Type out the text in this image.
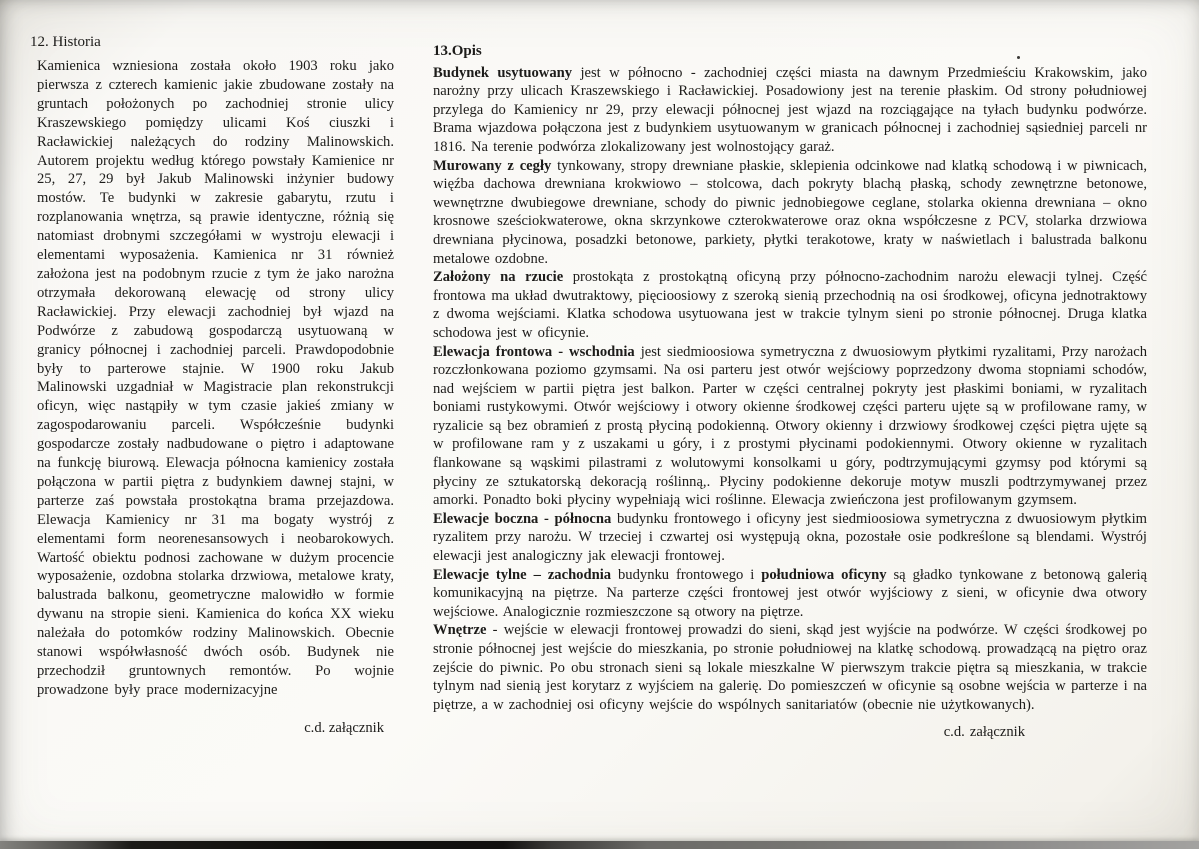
12. Historia

Kamienica wzniesiona została około 1903 roku jako pierwsza z czterech kamienic jakie zbudowane zostały na gruntach położonych po zachodniej stronie ulicy Kraszewskiego pomiędzy ulicami Koś ciuszki i Racławickiej należących do rodziny Malinowskich. Autorem projektu według którego powstały Kamienice nr 25, 27, 29 był Jakub Malinowski inżynier budowy mostów. Te budynki w zakresie gabarytu, rzutu i rozplanowania wnętrza, są prawie identyczne, różnią się natomiast drobnymi szczegółami w wystroju elewacji i elementami wyposażenia. Kamienica nr 31 również założona jest na podobnym rzucie z tym że jako narożna otrzymała dekorowaną elewację od strony ulicy Racławickiej. Przy elewacji zachodniej był wjazd na Podwórze z zabudową gospodarczą usytuowaną w granicy północnej i zachodniej parceli. Prawdopodobnie były to parterowe stajnie. W 1900 roku Jakub Malinowski uzgadniał w Magistracie plan rekonstrukcji oficyn, więc nastąpiły w tym czasie jakieś zmiany w zagospodarowaniu parceli. Współcześnie budynki gospodarcze zostały nadbudowane o piętro i adaptowane na funkcję biurową. Elewacja północna kamienicy została połączona w partii piętra z budynkiem dawnej stajni, w parterze zaś powstała prostokątna brama przejazdowa. Elewacja Kamienicy nr 31 ma bogaty wystrój z elementami form neorenesansowych i neobarokowych. Wartość obiektu podnosi zachowane w dużym procencie wyposażenie, ozdobna stolarka drzwiowa, metalowe kraty, balustrada balkonu, geometryczne malowidło w formie dywanu na stropie sieni. Kamienica do końca XX wieku należała do potomków rodziny Malinowskich. Obecnie stanowi współwłasność dwóch osób. Budynek nie przechodził gruntownych remontów. Po wojnie prowadzone były prace modernizacyjne

c.d. załącznik

13.Opis

Budynek usytuowany jest w północno - zachodniej części miasta na dawnym Przedmieściu Krakowskim, jako narożny przy ulicach Kraszewskiego i Racławickiej. Posadowiony jest na terenie płaskim. Od strony południowej przylega do Kamienicy nr 29, przy elewacji północnej jest wjazd na rozciągające na tyłach budynku podwórze. Brama wjazdowa połączona jest z budynkiem usytuowanym w granicach północnej i zachodniej sąsiedniej parceli nr 1816. Na terenie podwórza zlokalizowany jest wolnostojący garaż.

Murowany z cegły tynkowany, stropy drewniane płaskie, sklepienia odcinkowe nad klatką schodową i w piwnicach, więźba dachowa drewniana krokwiowo – stolcowa, dach pokryty blachą płaską, schody zewnętrzne betonowe, wewnętrzne dwubiegowe drewniane, schody do piwnic jednobiegowe ceglane, stolarka okienna drewniana – okno krosnowe sześciokwaterowe, okna skrzynkowe czterokwaterowe oraz okna współczesne z PCV, stolarka drzwiowa drewniana płycinowa, posadzki betonowe, parkiety, płytki terakotowe, kraty w naświetlach i balustrada balkonu metalowe ozdobne.

Założony na rzucie prostokąta z prostokątną oficyną przy północno-zachodnim narożu elewacji tylnej. Część frontowa ma układ dwutraktowy, pięcioosiowy z szeroką sienią przechodnią na osi środkowej, oficyna jednotraktowy z dwoma wejściami. Klatka schodowa usytuowana jest w trakcie tylnym sieni po stronie północnej. Druga klatka schodowa jest w oficynie.

Elewacja frontowa - wschodnia jest siedmioosiowa symetryczna z dwuosiowym płytkimi ryzalitami, Przy narożach rozczłonkowana poziomo gzymsami. Na osi parteru jest otwór wejściowy poprzedzony dwoma stopniami schodów, nad wejściem w partii piętra jest balkon. Parter w części centralnej pokryty jest płaskimi boniami, w ryzalitach boniami rustykowymi. Otwór wejściowy i otwory okienne środkowej części parteru ujęte są w profilowane ramy, w ryzalicie są bez obramień z prostą płyciną podokienną. Otwory okienny i drzwiowy środkowej części piętra ujęte są w profilowane ram y z uszakami u góry, i z prostymi płycinami podokiennymi. Otwory okienne w ryzalitach flankowane są wąskimi pilastrami z wolutowymi konsolkami u góry, podtrzymującymi gzymsy pod którymi są płyciny ze sztukatorską dekoracją roślinną,. Płyciny podokienne dekoruje motyw muszli podtrzymywanej przez amorki. Ponadto boki płyciny wypełniają wici roślinne. Elewacja zwieńczona jest profilowanym gzymsem.

Elewacje boczna - północna budynku frontowego i oficyny jest siedmioosiowa symetryczna z dwuosiowym płytkim ryzalitem przy narożu. W trzeciej i czwartej osi występują okna, pozostałe osie podkreślone są blendami. Wystrój elewacji jest analogiczny jak elewacji frontowej.

Elewacje tylne – zachodnia budynku frontowego i południowa oficyny są gładko tynkowane z betonową galerią komunikacyjną na piętrze. Na parterze części frontowej jest otwór wyjściowy z sieni, w oficynie dwa otwory wejściowe. Analogicznie rozmieszczone są otwory na piętrze.

Wnętrze - wejście w elewacji frontowej prowadzi do sieni, skąd jest wyjście na podwórze. W części środkowej po stronie północnej jest wejście do mieszkania, po stronie południowej na klatkę schodową. prowadzącą na piętro oraz zejście do piwnic. Po obu stronach sieni są lokale mieszkalne W pierwszym trakcie piętra są mieszkania, w trakcie tylnym nad sienią jest korytarz z wyjściem na galerię. Do pomieszczeń w oficynie są osobne wejścia w parterze i na piętrze, a w zachodniej osi oficyny wejście do wspólnych sanitariatów (obecnie nie użytkowanych).

c.d. załącznik
